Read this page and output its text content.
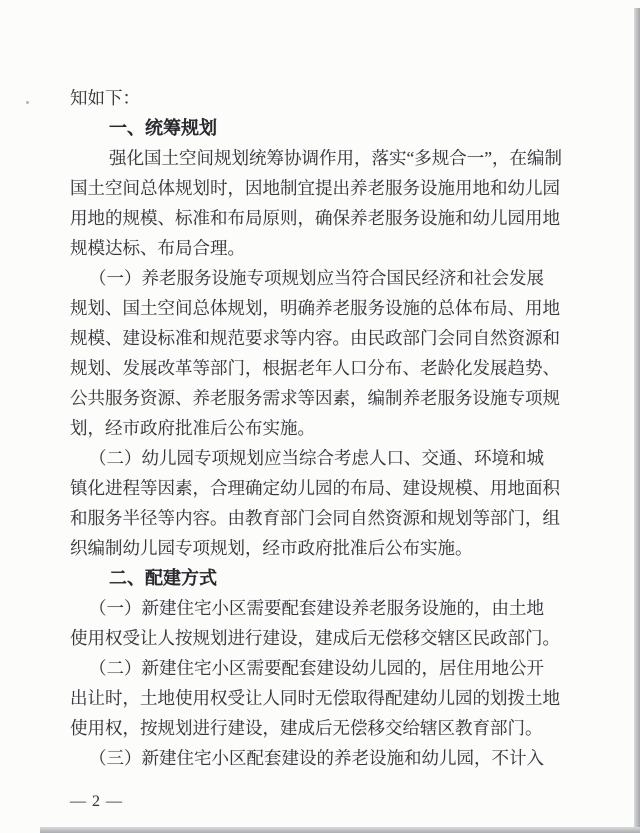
知如下：
一、统筹规划
强化国土空间规划统筹协调作用，落实“多规合一”，在编制
国土空间总体规划时，因地制宜提出养老服务设施用地和幼儿园
用地的规模、标准和布局原则，确保养老服务设施和幼儿园用地
规模达标、布局合理。
（一）养老服务设施专项规划应当符合国民经济和社会发展
规划、国土空间总体规划，明确养老服务设施的总体布局、用地
规模、建设标准和规范要求等内容。由民政部门会同自然资源和
规划、发展改革等部门，根据老年人口分布、老龄化发展趋势、
公共服务资源、养老服务需求等因素，编制养老服务设施专项规
划，经市政府批准后公布实施。
（二）幼儿园专项规划应当综合考虑人口、交通、环境和城
镇化进程等因素，合理确定幼儿园的布局、建设规模、用地面积
和服务半径等内容。由教育部门会同自然资源和规划等部门，组
织编制幼儿园专项规划，经市政府批准后公布实施。
二、配建方式
（一）新建住宅小区需要配套建设养老服务设施的，由土地
使用权受让人按规划进行建设，建成后无偿移交辖区民政部门。
（二）新建住宅小区需要配套建设幼儿园的，居住用地公开
出让时，土地使用权受让人同时无偿取得配建幼儿园的划拨土地
使用权，按规划进行建设，建成后无偿移交给辖区教育部门。
（三）新建住宅小区配套建设的养老设施和幼儿园，不计入
— 2 —
